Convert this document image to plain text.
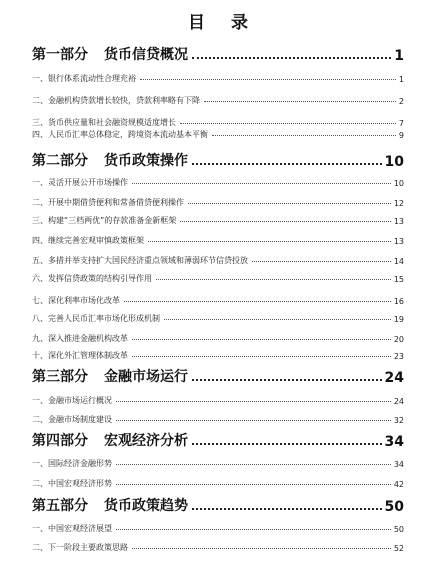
目 录
第一部分 货币信贷概况	1
一、银行体系流动性合理充裕	1
二、金融机构贷款增长较快，贷款利率略有下降	2
三、货币供应量和社会融资规模适度增长	7
四、人民币汇率总体稳定，跨境资本流动基本平衡	9
第二部分 货币政策操作	10
一、灵活开展公开市场操作	10
二、开展中期借贷便利和常备借贷便利操作	12
三、构建“三档两优”的存款准备金新框架	13
四、继续完善宏观审慎政策框架	13
五、多措并举支持扩大国民经济重点领域和薄弱环节信贷投放	14
六、发挥信贷政策的结构引导作用	15
七、深化利率市场化改革	16
八、完善人民币汇率市场化形成机制	19
九、深入推进金融机构改革	20
十、深化外汇管理体制改革	23
第三部分 金融市场运行	24
一、金融市场运行概况	24
二、金融市场制度建设	32
第四部分 宏观经济分析	34
一、国际经济金融形势	34
二、中国宏观经济形势	42
第五部分 货币政策趋势	50
一、中国宏观经济展望	50
二、下一阶段主要政策思路	52
